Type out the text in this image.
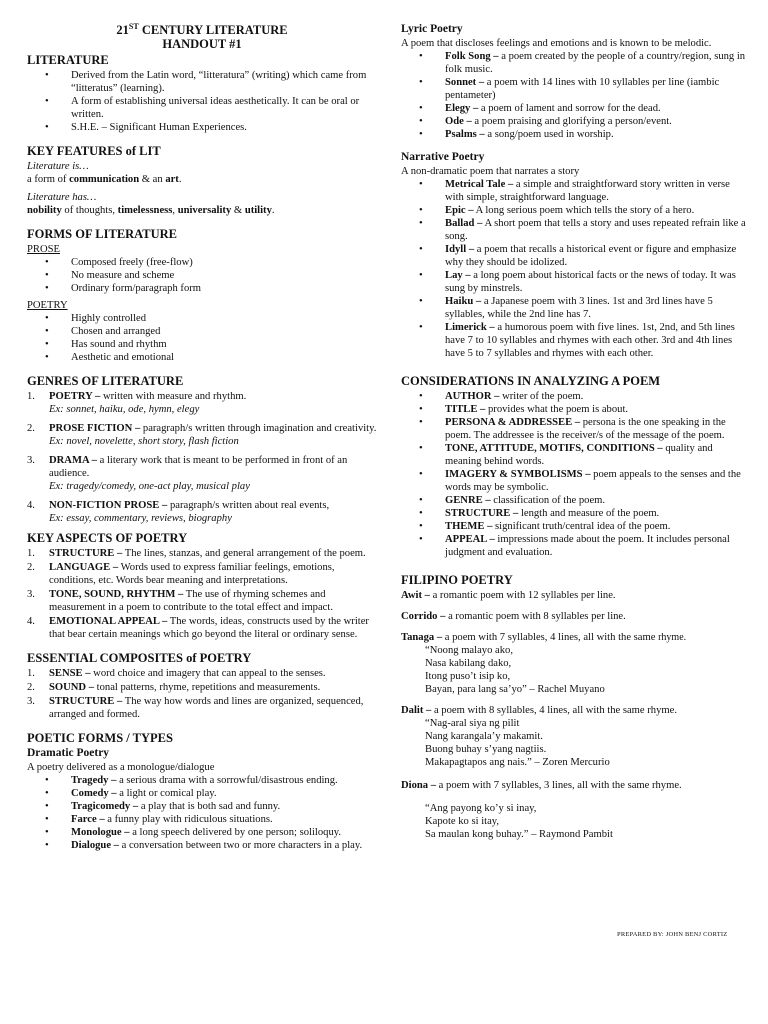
21ST CENTURY LITERATURE
HANDOUT #1
LITERATURE
• Derived from the Latin word, “litteratura” (writing) which came from “litteratus” (learning).
• A form of establishing universal ideas aesthetically. It can be oral or written.
• S.H.E. – Significant Human Experiences.
KEY FEATURES of LIT

Literature is…

a form of communication & an art.

Literature has…

nobility of thoughts, timelessness, universality & utility.

FORMS OF LITERATURE

PROSE

• Composed freely (free-flow)
• No measure and scheme
• Ordinary form/paragraph form

POETRY

• Highly controlled
• Chosen and arranged
• Has sound and rhythm
• Aesthetic and emotional
GENRES OF LITERATURE
1. POETRY – written with measure and rhythm.
Ex: sonnet, haiku, ode, hymn, elegy
2. PROSE FICTION – paragraph/s written through imagination and creativity.
Ex: novel, novelette, short story, flash fiction
3. DRAMA – a literary work that is meant to be performed in front of an audience.
Ex: tragedy/comedy, one-act play, musical play
4. NON-FICTION PROSE – paragraph/s written about real events,
Ex: essay, commentary, reviews, biography
KEY ASPECTS OF POETRY
1. STRUCTURE – The lines, stanzas, and general arrangement of the poem.
2. LANGUAGE – Words used to express familiar feelings, emotions, conditions, etc. Words bear meaning and interpretations.
3. TONE, SOUND, RHYTHM – The use of rhyming schemes and measurement in a poem to contribute to the total effect and impact.
4. EMOTIONAL APPEAL – The words, ideas, constructs used by the writer that bear certain meanings which go beyond the literal or ordinary sense.
ESSENTIAL COMPOSITES of POETRY
1. SENSE – word choice and imagery that can appeal to the senses.
2. SOUND – tonal patterns, rhyme, repetitions and measurements.
3. STRUCTURE – The way how words and lines are organized, sequenced, arranged and formed.
POETIC FORMS / TYPES
Dramatic Poetry

A poetry delivered as a monologue/dialogue

• Tragedy – a serious drama with a sorrowful/disastrous ending.
• Comedy – a light or comical play.
• Tragicomedy – a play that is both sad and funny.
• Farce – a funny play with ridiculous situations.
• Monologue – a long speech delivered by one person; soliloquy.
• Dialogue – a conversation between two or more characters in a play.
Lyric Poetry

A poem that discloses feelings and emotions and is known to be melodic.

• Folk Song – a poem created by the people of a country/region, sung in folk music.
• Sonnet – a poem with 14 lines with 10 syllables per line (iambic pentameter)
• Elegy – a poem of lament and sorrow for the dead.
• Ode – a poem praising and glorifying a person/event.
• Psalms – a song/poem used in worship.
Narrative Poetry

A non-dramatic poem that narrates a story

• Metrical Tale – a simple and straightforward story written in verse with simple, straightforward language.
• Epic – A long serious poem which tells the story of a hero.
• Ballad – A short poem that tells a story and uses repeated refrain like a song.
• Idyll – a poem that recalls a historical event or figure and emphasize why they should be idolized.
• Lay – a long poem about historical facts or the news of today. It was sung by minstrels.
• Haiku – a Japanese poem with 3 lines. 1st and 3rd lines have 5 syllables, while the 2nd line has 7.
• Limerick – a humorous poem with five lines. 1st, 2nd, and 5th lines have 7 to 10 syllables and rhymes with each other. 3rd and 4th lines have 5 to 7 syllables and rhymes with each other.
CONSIDERATIONS IN ANALYZING A POEM
• AUTHOR – writer of the poem.
• TITLE – provides what the poem is about.
• PERSONA & ADDRESSEE – persona is the one speaking in the poem. The addressee is the receiver/s of the message of the poem.
• TONE, ATTITUDE, MOTIFS, CONDITIONS – quality and meaning behind words.
• IMAGERY & SYMBOLISMS – poem appeals to the senses and the words may be symbolic.
• GENRE – classification of the poem.
• STRUCTURE – length and measure of the poem.
• THEME – significant truth/central idea of the poem.
• APPEAL – impressions made about the poem. It includes personal judgment and evaluation.
FILIPINO POETRY

Awit – a romantic poem with 12 syllables per line.

Corrido – a romantic poem with 8 syllables per line.

Tanaga – a poem with 7 syllables, 4 lines, all with the same rhyme.

“Noong malayo ako,

Nasa kabilang dako,

Itong puso’t isip ko,

Bayan, para lang sa’yo” – Rachel Muyano

Dalit – a poem with 8 syllables, 4 lines, all with the same rhyme.

“Nag-aral siya ng pilit

Nang karangala’y makamit.

Buong buhay s’yang nagtiis.

Makapagtapos ang nais.” – Zoren Mercurio

Diona – a poem with 7 syllables, 3 lines, all with the same rhyme.

“Ang payong ko’y si inay,

Kapote ko si itay,

Sa maulan kong buhay.” – Raymond Pambit

PREPARED BY: JOHN BENJ CORTIZ
